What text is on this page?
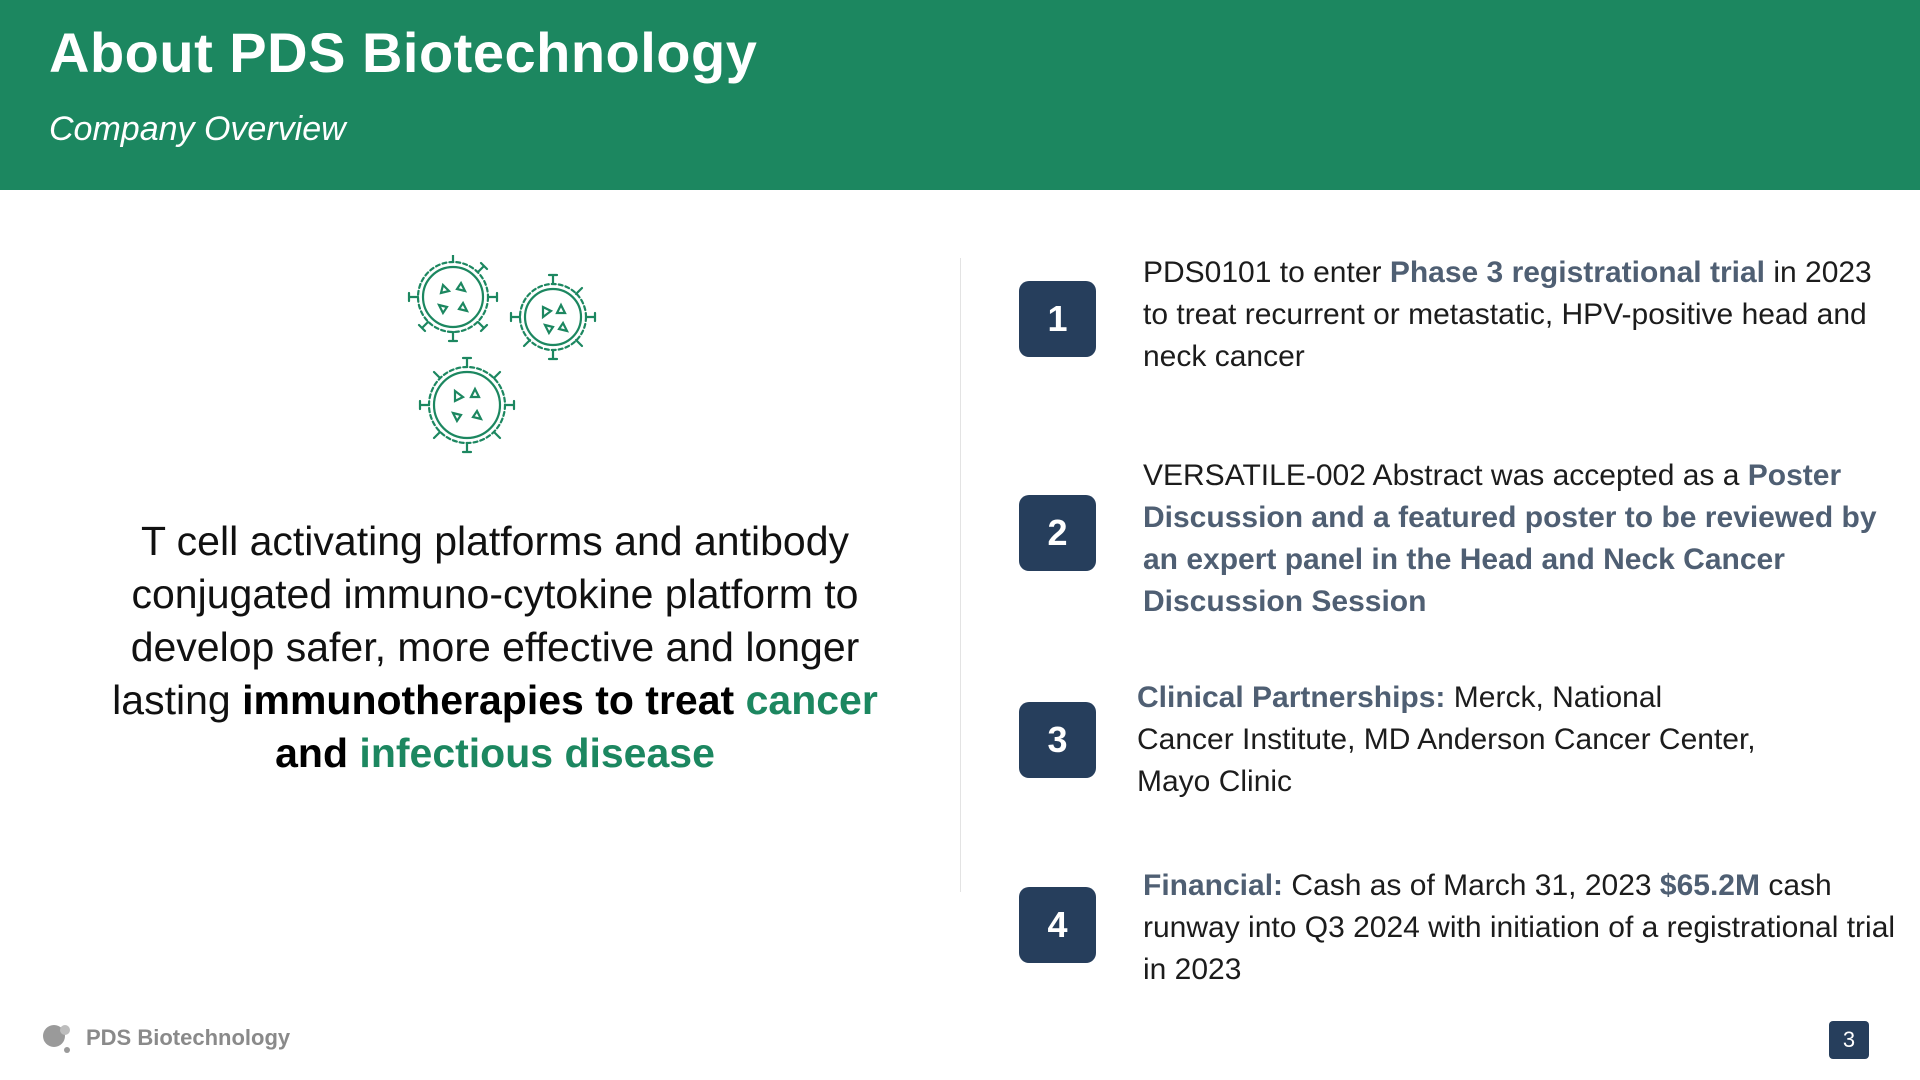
About PDS Biotechnology
Company Overview
T cell activating platforms and antibody conjugated immuno-cytokine platform to develop safer, more effective and longer lasting immunotherapies to treat cancer and infectious disease
1
PDS0101 to enter Phase 3 registrational trial in 2023 to treat recurrent or metastatic, HPV-positive head and neck cancer
2
VERSATILE-002 Abstract was accepted as a Poster Discussion and a featured poster to be reviewed by an expert panel in the Head and Neck Cancer Discussion Session
3
Clinical Partnerships: Merck, National Cancer Institute, MD Anderson Cancer Center, Mayo Clinic
4
Financial: Cash as of March 31, 2023 $65.2M cash runway into Q3 2024 with initiation of a registrational trial in 2023
PDS Biotechnology	3
